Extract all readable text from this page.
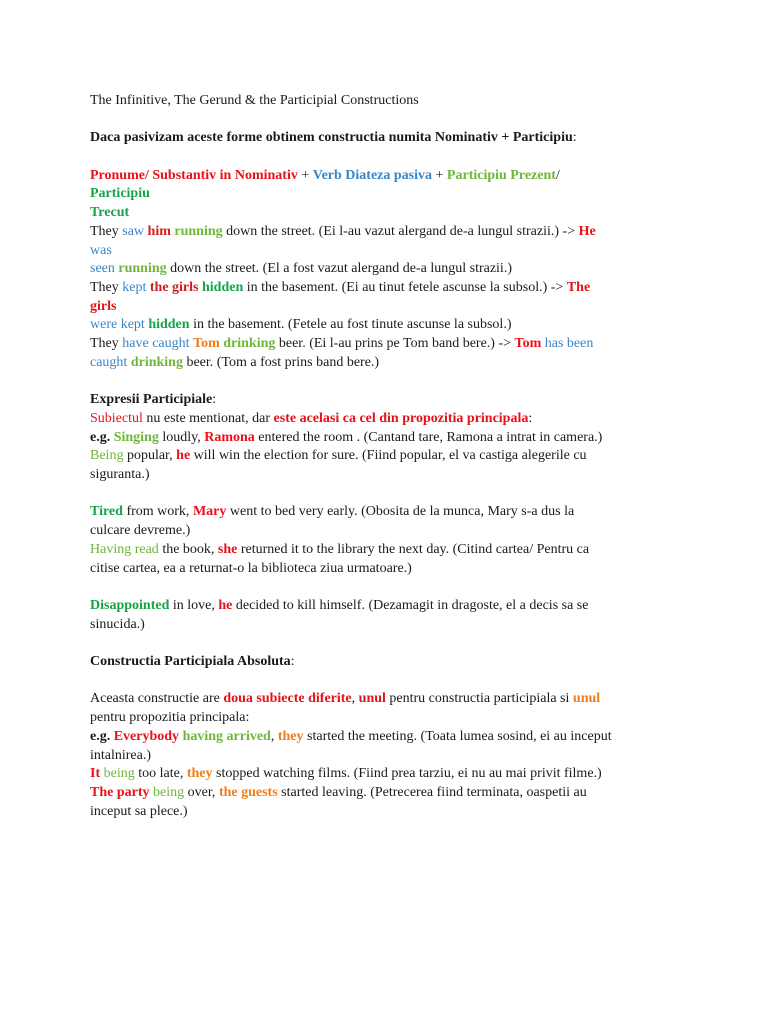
The Infinitive, The Gerund & the Participial Constructions
Daca pasivizam aceste forme obtinem constructia numita Nominativ + Participiu:
Pronume/ Substantiv in Nominativ + Verb Diateza pasiva + Participiu Prezent/
Participiu
Trecut
They saw him running down the street. (Ei l-au vazut alergand de-a lungul strazii.) -> He
was
seen running down the street. (El a fost vazut alergand de-a lungul strazii.)
They kept the girls hidden in the basement. (Ei au tinut fetele ascunse la subsol.) -> The
girls
were kept hidden in the basement. (Fetele au fost tinute ascunse la subsol.)
They have caught Tom drinking beer. (Ei l-au prins pe Tom band bere.) -> Tom has been
caught drinking beer. (Tom a fost prins band bere.)
Expresii Participiale:
Subiectul nu este mentionat, dar este acelasi ca cel din propozitia principala:
e.g. Singing loudly, Ramona entered the room . (Cantand tare, Ramona a intrat in camera.)
Being popular, he will win the election for sure. (Fiind popular, el va castiga alegerile cu
siguranta.)
Tired from work, Mary went to bed very early. (Obosita de la munca, Mary s-a dus la
culcare devreme.)
Having read the book, she returned it to the library the next day. (Citind cartea/ Pentru ca
citise cartea, ea a returnat-o la biblioteca ziua urmatoare.)
Disappointed in love, he decided to kill himself. (Dezamagit in dragoste, el a decis sa se
sinucida.)
Constructia Participiala Absoluta:
Aceasta constructie are doua subiecte diferite, unul pentru constructia participiala si unul
pentru propozitia principala:
e.g. Everybody having arrived, they started the meeting. (Toata lumea sosind, ei au inceput
intalnirea.)
It being too late, they stopped watching films. (Fiind prea tarziu, ei nu au mai privit filme.)
The party being over, the guests started leaving. (Petrecerea fiind terminata, oaspetii au
inceput sa plece.)
